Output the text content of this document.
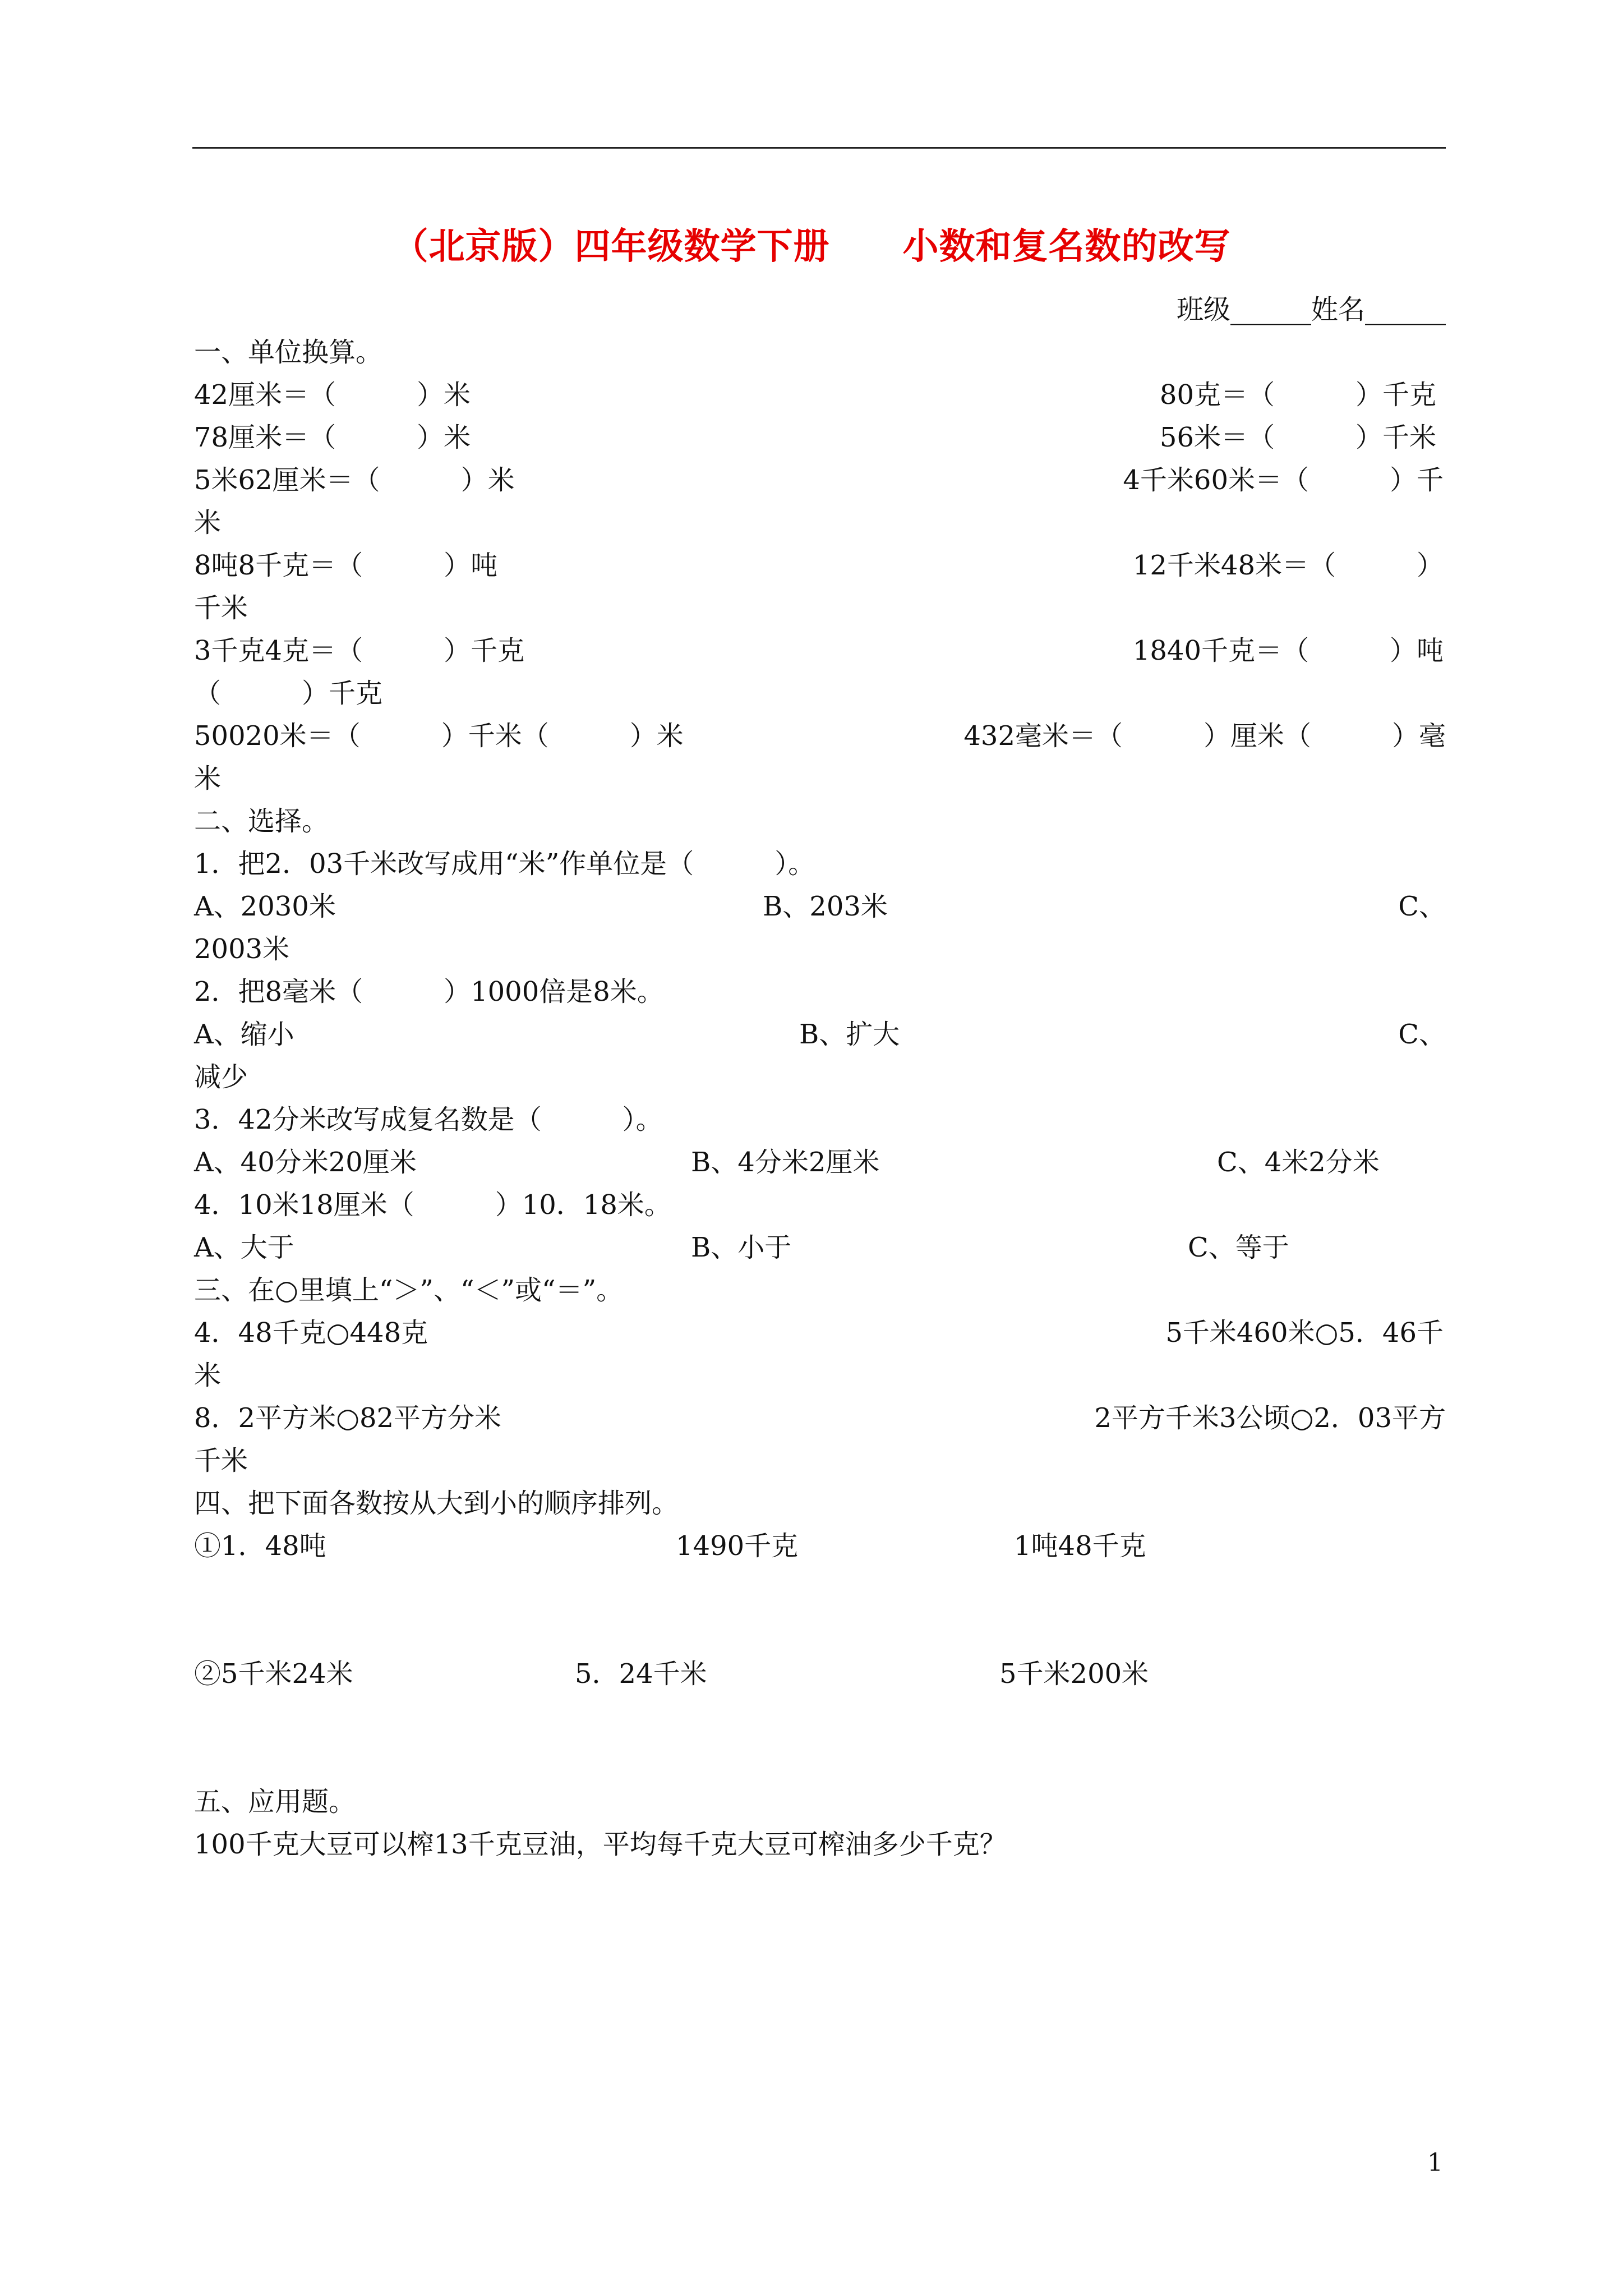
（北京版）四年级数学下册　　小数和复名数的改写
班级______姓名______
一、单位换算。
42厘米＝（　　　）米	80克＝（　　　）千克
78厘米＝（　　　）米	56米＝（　　　）千米
5米62厘米＝（　　　）米	4千米60米＝（　　　）千
米
8吨8千克＝（　　　）吨	12千米48米＝（　　　）
千米
3千克4克＝（　　　）千克	1840千克＝（　　　）吨
（　　　）千克
50020米＝（　　　）千米（　　　）米	432毫米＝（　　　）厘米（　　　）毫
米
二、选择。
1．把2．03千米改写成用“米”作单位是（　　　）。
A、2030米	B、203米	C、
2003米
2．把8毫米（　　　）1000倍是8米。
A、缩小	B、扩大	C、
减少
3．42分米改写成复名数是（　　　）。
A、40分米20厘米	B、4分米2厘米	C、4米2分米
4．10米18厘米（　　　）10．18米。
A、大于	B、小于	C、等于
三、在○里填上“＞”、“＜”或“＝”。
4．48千克○448克	5千米460米○5．46千
米
8．2平方米○82平方分米	2平方千米3公顷○2．03平方
千米
四、把下面各数按从大到小的顺序排列。
①1．48吨	1490千克	1吨48千克
②5千米24米	5．24千米	5千米200米
五、应用题。
100千克大豆可以榨13千克豆油，平均每千克大豆可榨油多少千克？
1
